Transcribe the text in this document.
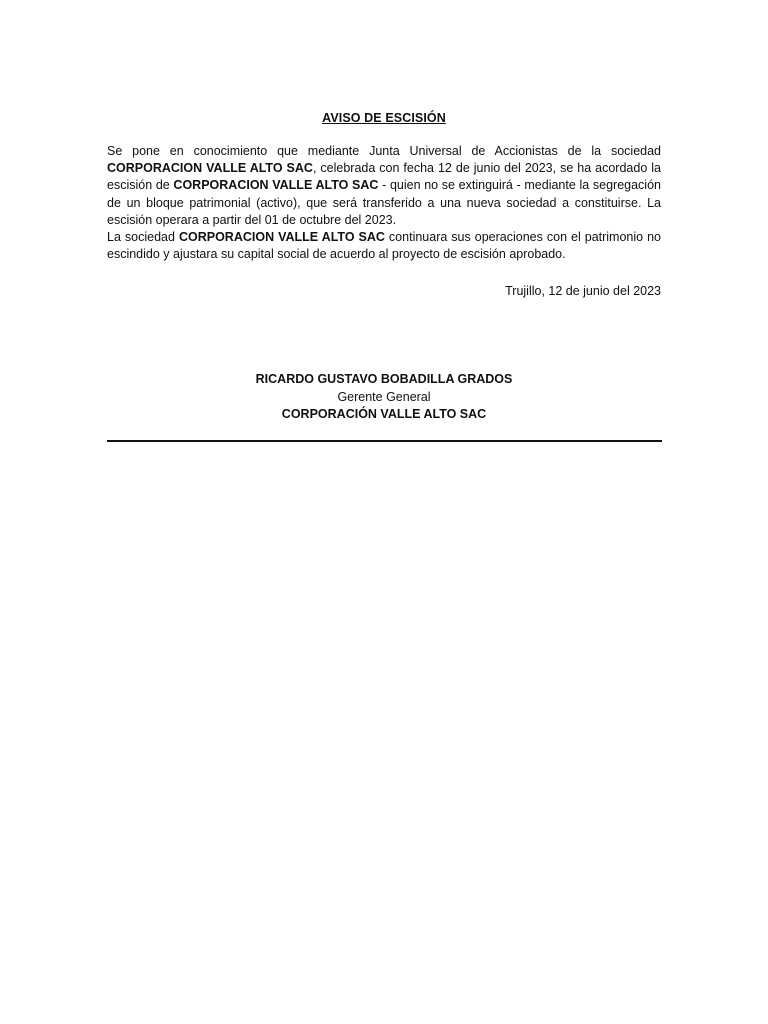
AVISO DE ESCISIÓN

Se pone en conocimiento que mediante Junta Universal de Accionistas de la sociedad CORPORACION VALLE ALTO SAC, celebrada con fecha 12 de junio del 2023, se ha acordado la escisión de CORPORACION VALLE ALTO SAC - quien no se extinguirá - mediante la segregación de un bloque patrimonial (activo), que será transferido a una nueva sociedad a constituirse. La escisión operara a partir del 01 de octubre del 2023.

La sociedad CORPORACION VALLE ALTO SAC continuara sus operaciones con el patrimonio no escindido y ajustara su capital social de acuerdo al proyecto de escisión aprobado.

Trujillo, 12 de junio del 2023
RICARDO GUSTAVO BOBADILLA GRADOS
Gerente General
CORPORACIÓN VALLE ALTO SAC
